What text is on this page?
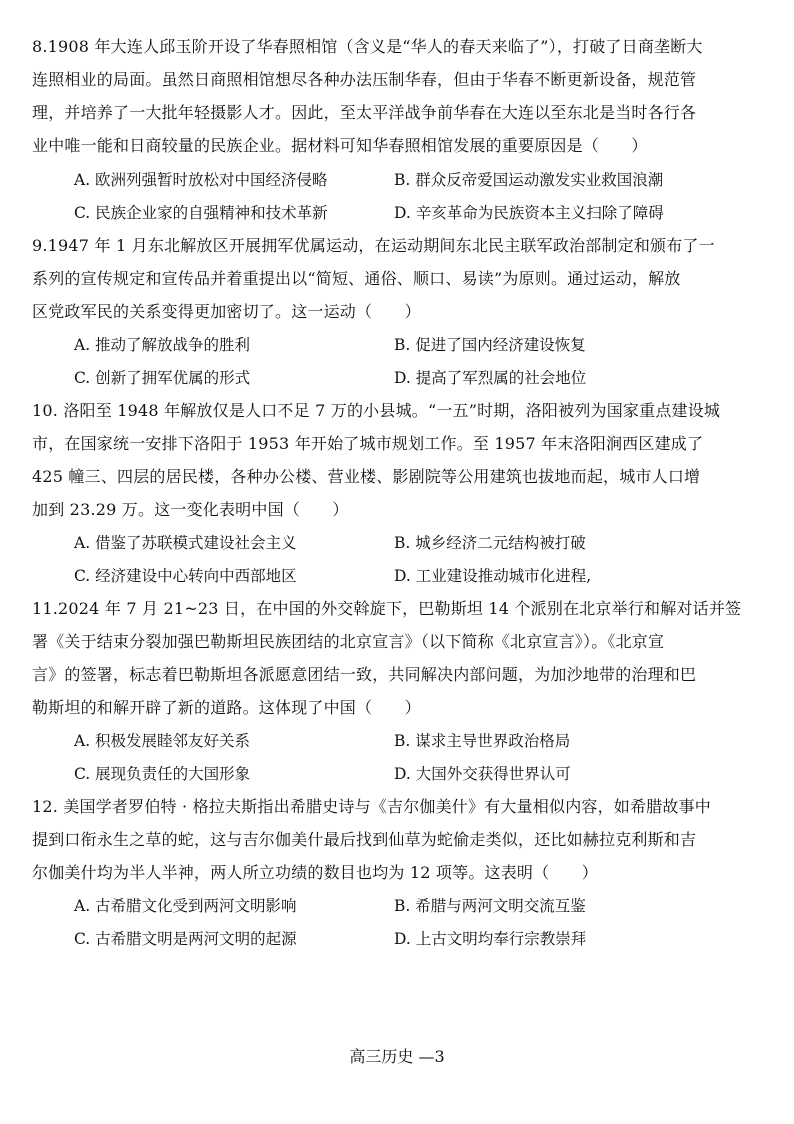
8.1908 年大连人邱玉阶开设了华春照相馆（含义是“华人的春天来临了”），打破了日商垄断大
连照相业的局面。虽然日商照相馆想尽各种办法压制华春，但由于华春不断更新设备，规范管
理，并培养了一大批年轻摄影人才。因此，至太平洋战争前华春在大连以至东北是当时各行各
业中唯一能和日商较量的民族企业。据材料可知华春照相馆发展的重要原因是（　　）
A. 欧洲列强暂时放松对中国经济侵略	B. 群众反帝爱国运动激发实业救国浪潮
C. 民族企业家的自强精神和技术革新	D. 辛亥革命为民族资本主义扫除了障碍
9.1947 年 1 月东北解放区开展拥军优属运动，在运动期间东北民主联军政治部制定和颁布了一
系列的宣传规定和宣传品并着重提出以“简短、通俗、顺口、易读”为原则。通过运动，解放
区党政军民的关系变得更加密切了。这一运动（　　）
A. 推动了解放战争的胜利	B. 促进了国内经济建设恢复
C. 创新了拥军优属的形式	D. 提高了军烈属的社会地位
10. 洛阳至 1948 年解放仅是人口不足 7 万的小县城。“一五”时期，洛阳被列为国家重点建设城
市，在国家统一安排下洛阳于 1953 年开始了城市规划工作。至 1957 年末洛阳涧西区建成了
425 幢三、四层的居民楼，各种办公楼、营业楼、影剧院等公用建筑也拔地而起，城市人口增
加到 23.29 万。这一变化表明中国（　　）
A. 借鉴了苏联模式建设社会主义	B. 城乡经济二元结构被打破
C. 经济建设中心转向中西部地区	D. 工业建设推动城市化进程,
11.2024 年 7 月 21~23 日，在中国的外交斡旋下，巴勒斯坦 14 个派别在北京举行和解对话并签
署《关于结束分裂加强巴勒斯坦民族团结的北京宣言》（以下简称《北京宣言》）。《北京宣
言》的签署，标志着巴勒斯坦各派愿意团结一致，共同解决内部问题，为加沙地带的治理和巴
勒斯坦的和解开辟了新的道路。这体现了中国（　　）
A. 积极发展睦邻友好关系	B. 谋求主导世界政治格局
C. 展现负责任的大国形象	D. 大国外交获得世界认可
12. 美国学者罗伯特 · 格拉夫斯指出希腊史诗与《吉尔伽美什》有大量相似内容，如希腊故事中
提到口衔永生之草的蛇，这与吉尔伽美什最后找到仙草为蛇偷走类似，还比如赫拉克利斯和吉
尔伽美什均为半人半神，两人所立功绩的数目也均为 12 项等。这表明（　　）
A. 古希腊文化受到两河文明影响	B. 希腊与两河文明交流互鉴
C. 古希腊文明是两河文明的起源	D. 上古文明均奉行宗教崇拜
高三历史 —3
